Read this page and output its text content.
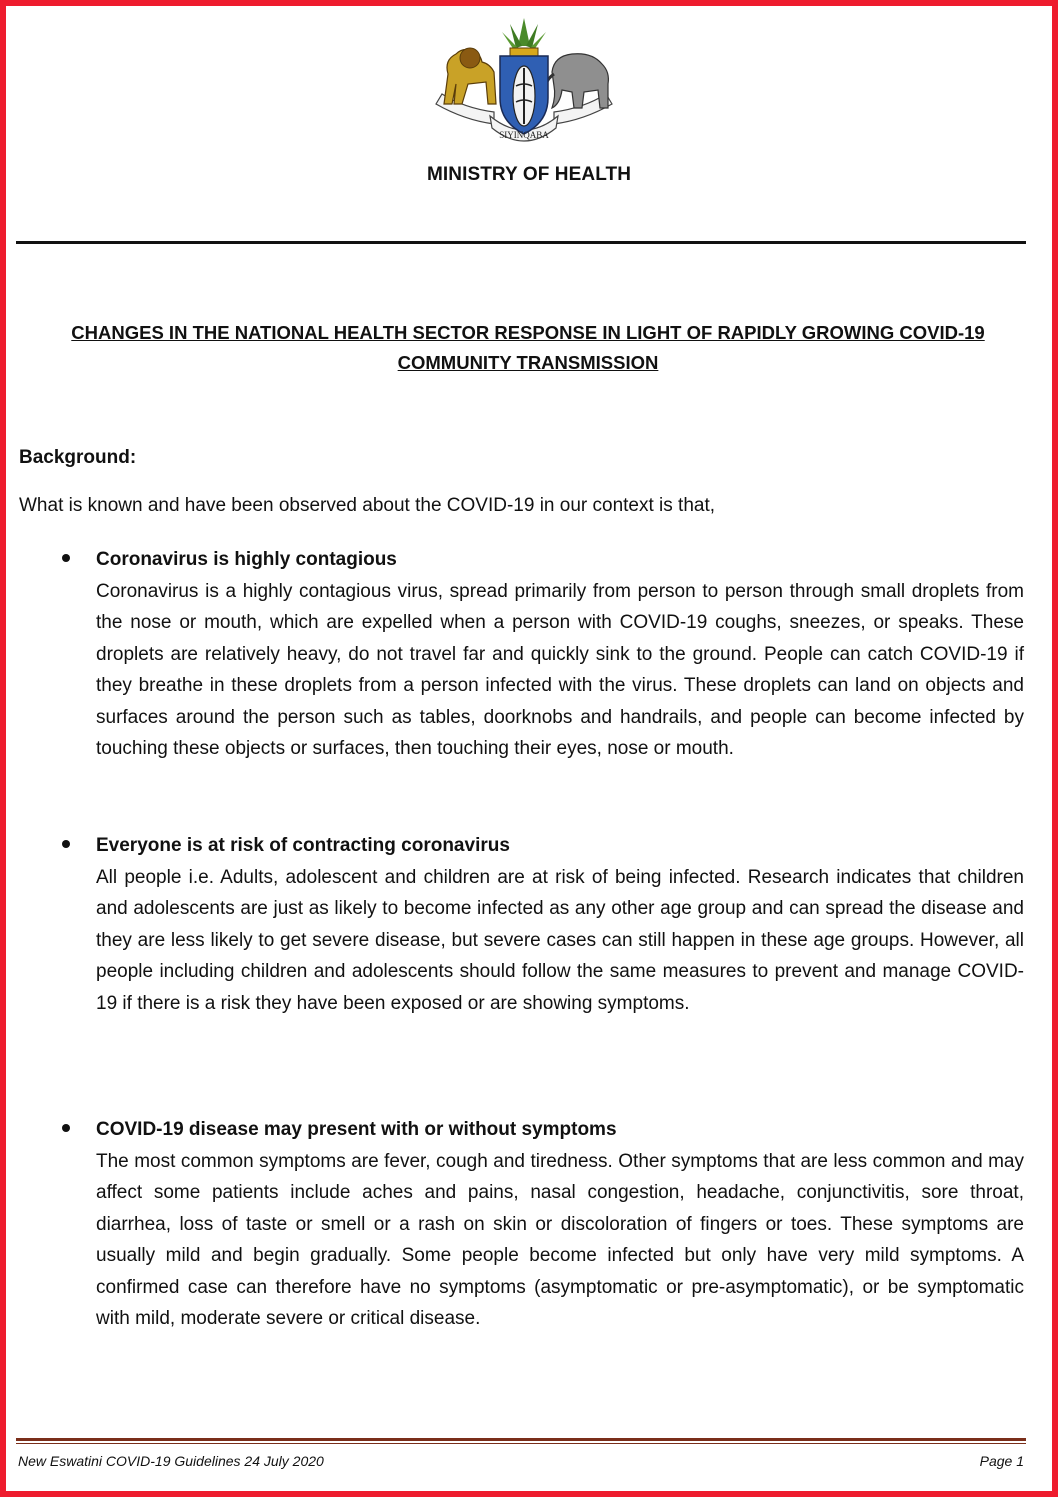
SIYINQABA
MINISTRY OF HEALTH
CHANGES IN THE NATIONAL HEALTH SECTOR RESPONSE IN LIGHT OF RAPIDLY GROWING COVID-19 COMMUNITY TRANSMISSION
Background:
What is known and have been observed about the COVID-19 in our context is that,
Coronavirus is highly contagious
Coronavirus is a highly contagious virus, spread primarily from person to person through small droplets from the nose or mouth, which are expelled when a person with COVID-19 coughs, sneezes, or speaks. These droplets are relatively heavy, do not travel far and quickly sink to the ground. People can catch COVID-19 if they breathe in these droplets from a person infected with the virus. These droplets can land on objects and surfaces around the person such as tables, doorknobs and handrails, and people can become infected by touching these objects or surfaces, then touching their eyes, nose or mouth.
Everyone is at risk of contracting coronavirus
All people i.e. Adults, adolescent and children are at risk of being infected. Research indicates that children and adolescents are just as likely to become infected as any other age group and can spread the disease and they are less likely to get severe disease, but severe cases can still happen in these age groups. However, all people including children and adolescents should follow the same measures to prevent and manage COVID-19 if there is a risk they have been exposed or are showing symptoms.
COVID-19 disease may present with or without symptoms
The most common symptoms are fever, cough and tiredness. Other symptoms that are less common and may affect some patients include aches and pains, nasal congestion, headache, conjunctivitis, sore throat, diarrhea, loss of taste or smell or a rash on skin or discoloration of fingers or toes. These symptoms are usually mild and begin gradually. Some people become infected but only have very mild symptoms. A confirmed case can therefore have no symptoms (asymptomatic or pre-asymptomatic), or be symptomatic with mild, moderate severe or critical disease.
New Eswatini COVID-19 Guidelines 24 July 2020	Page 1
